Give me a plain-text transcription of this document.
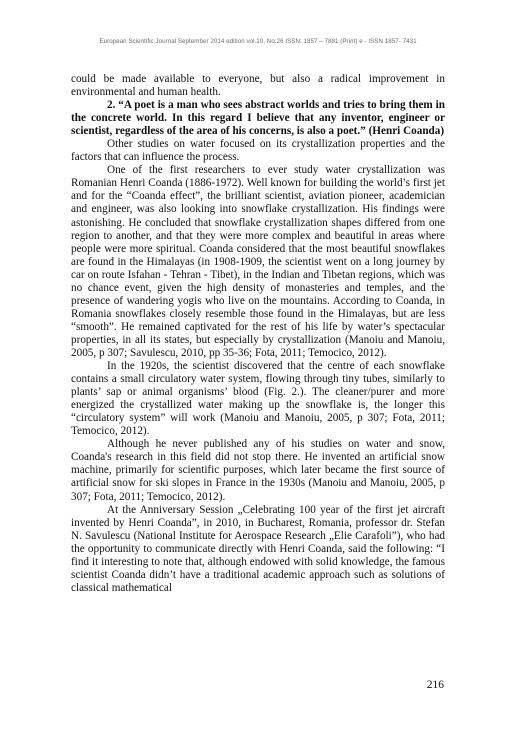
European Scientific Journal September 2014 edition vol.10, No.26 ISSN: 1857 – 7881 (Print) e - ISSN 1857- 7431

could be made available to everyone, but also a radical improvement in environmental and human health.

2. “A poet is a man who sees abstract worlds and tries to bring them in the concrete world. In this regard I believe that any inventor, engineer or scientist, regardless of the area of his concerns, is also a poet.” (Henri Coanda)

Other studies on water focused on its crystallization properties and the factors that can influence the process.

One of the first researchers to ever study water crystallization was Romanian Henri Coanda (1886-1972). Well known for building the world’s first jet and for the “Coanda effect”, the brilliant scientist, aviation pioneer, academician and engineer, was also looking into snowflake crystallization. His findings were astonishing. He concluded that snowflake crystallization shapes differed from one region to another, and that they were more complex and beautiful in areas where people were more spiritual. Coanda considered that the most beautiful snowflakes are found in the Himalayas (in 1908-1909, the scientist went on a long journey by car on route Isfahan - Tehran - Tibet), in the Indian and Tibetan regions, which was no chance event, given the high density of monasteries and temples, and the presence of wandering yogis who live on the mountains. According to Coanda, in Romania snowflakes closely resemble those found in the Himalayas, but are less “smooth”. He remained captivated for the rest of his life by water’s spectacular properties, in all its states, but especially by crystallization (Manoiu and Manoiu, 2005, p 307; Savulescu, 2010, pp 35-36; Fota, 2011; Temocico, 2012).

In the 1920s, the scientist discovered that the centre of each snowflake contains a small circulatory water system, flowing through tiny tubes, similarly to plants’ sap or animal organisms’ blood (Fig. 2.). The cleaner/purer and more energized the crystallized water making up the snowflake is, the longer this “circulatory system” will work (Manoiu and Manoiu, 2005, p 307; Fota, 2011; Temocico, 2012).

Although he never published any of his studies on water and snow, Coanda's research in this field did not stop there. He invented an artificial snow machine, primarily for scientific purposes, which later became the first source of artificial snow for ski slopes in France in the 1930s (Manoiu and Manoiu, 2005, p 307; Fota, 2011; Temocico, 2012).

At the Anniversary Session „Celebrating 100 year of the first jet aircraft invented by Henri Coanda”, in 2010, in Bucharest, Romania, professor dr. Stefan N. Savulescu (National Institute for Aerospace Research „Elie Carafoli”), who had the opportunity to communicate directly with Henri Coanda, said the following: “I find it interesting to note that, although endowed with solid knowledge, the famous scientist Coanda didn’t have a traditional academic approach such as solutions of classical mathematical

216
